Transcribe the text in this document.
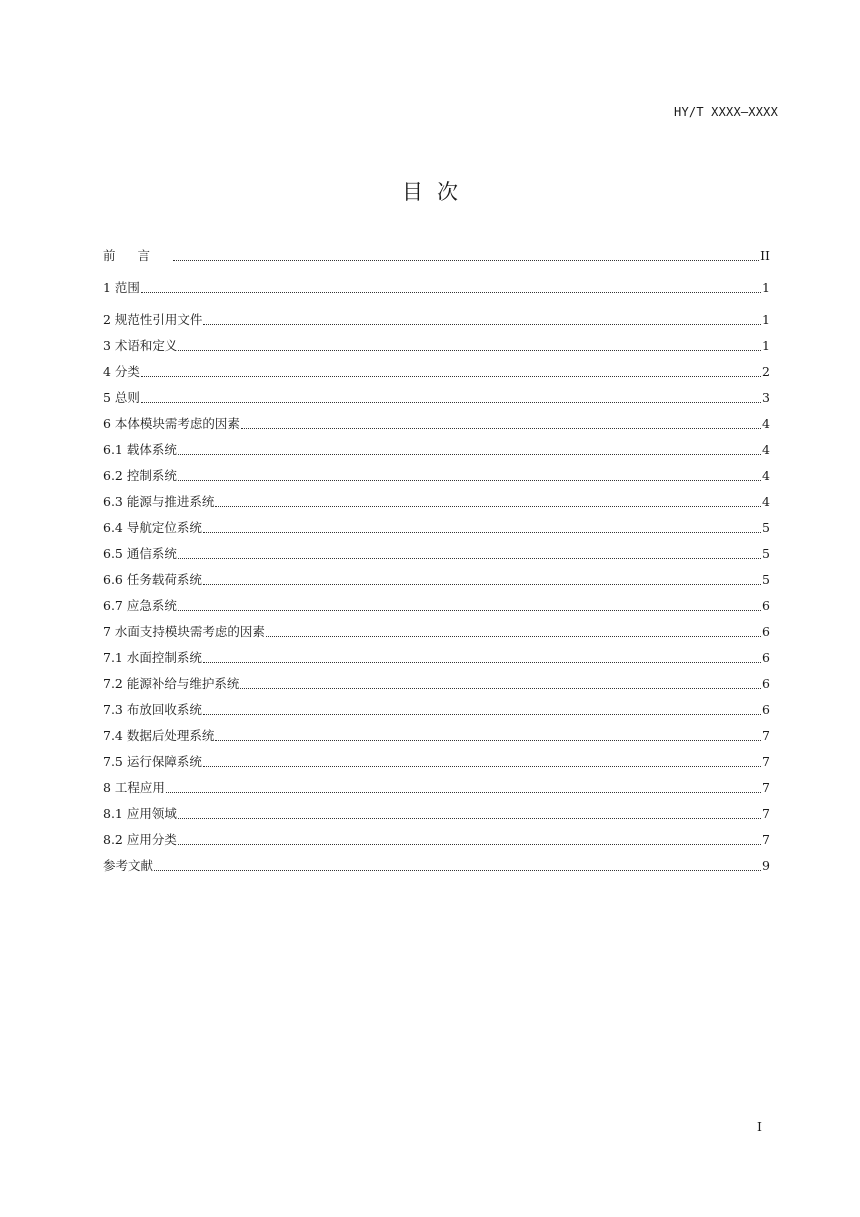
HY/T XXXX—XXXX
目次
前言	II
1 范围	1
2 规范性引用文件	1
3 术语和定义	1
4 分类	2
5 总则	3
6 本体模块需考虑的因素	4
6.1 载体系统	4
6.2 控制系统	4
6.3 能源与推进系统	4
6.4 导航定位系统	5
6.5 通信系统	5
6.6 任务载荷系统	5
6.7 应急系统	6
7 水面支持模块需考虑的因素	6
7.1 水面控制系统	6
7.2 能源补给与维护系统	6
7.3 布放回收系统	6
7.4 数据后处理系统	7
7.5 运行保障系统	7
8 工程应用	7
8.1 应用领域	7
8.2 应用分类	7
参考文献	9
I
